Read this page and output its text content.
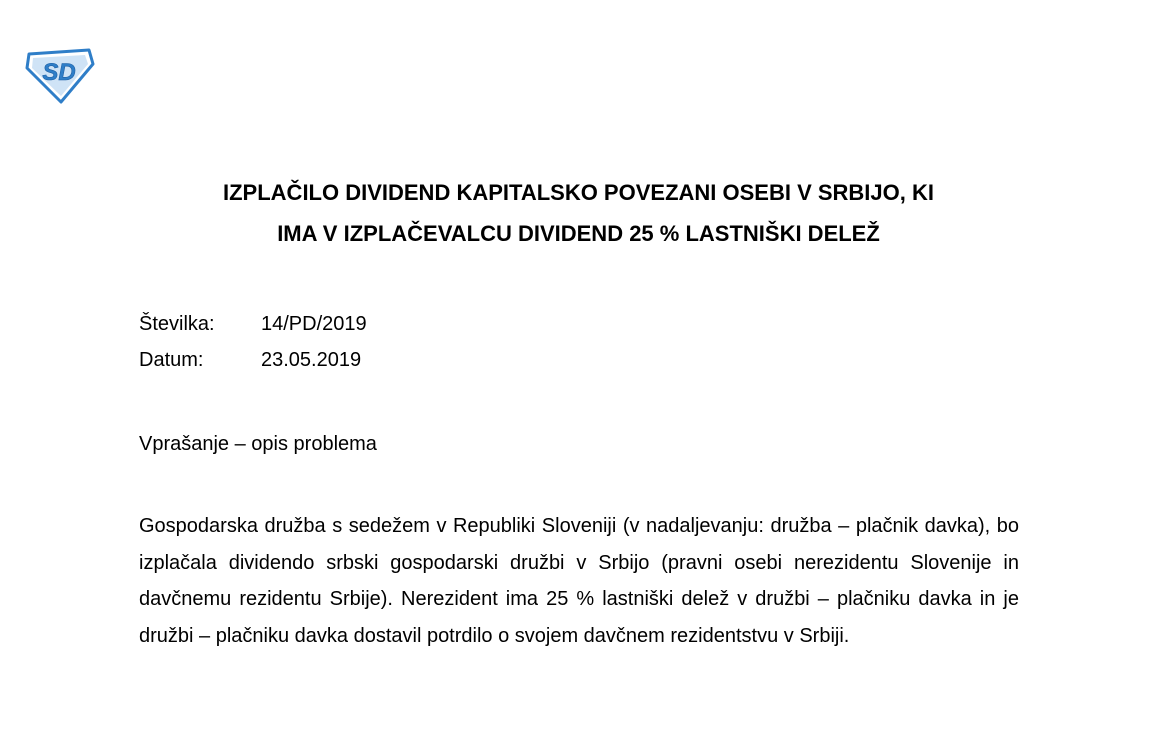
SD
IZPLAČILO DIVIDEND KAPITALSKO POVEZANI OSEBI V SRBIJO, KI
IMA V IZPLAČEVALCU DIVIDEND 25 % LASTNIŠKI DELEŽ
Številka:	14/PD/2019
Datum:	23.05.2019
Vprašanje – opis problema

Gospodarska družba s sedežem v Republiki Sloveniji (v nadaljevanju: družba – plačnik davka), bo izplačala dividendo srbski gospodarski družbi v Srbijo (pravni osebi nerezidentu Slovenije in davčnemu rezidentu Srbije). Nerezident ima 25 % lastniški delež v družbi – plačniku davka in je družbi – plačniku davka dostavil potrdilo o svojem davčnem rezidentstvu v Srbiji.
